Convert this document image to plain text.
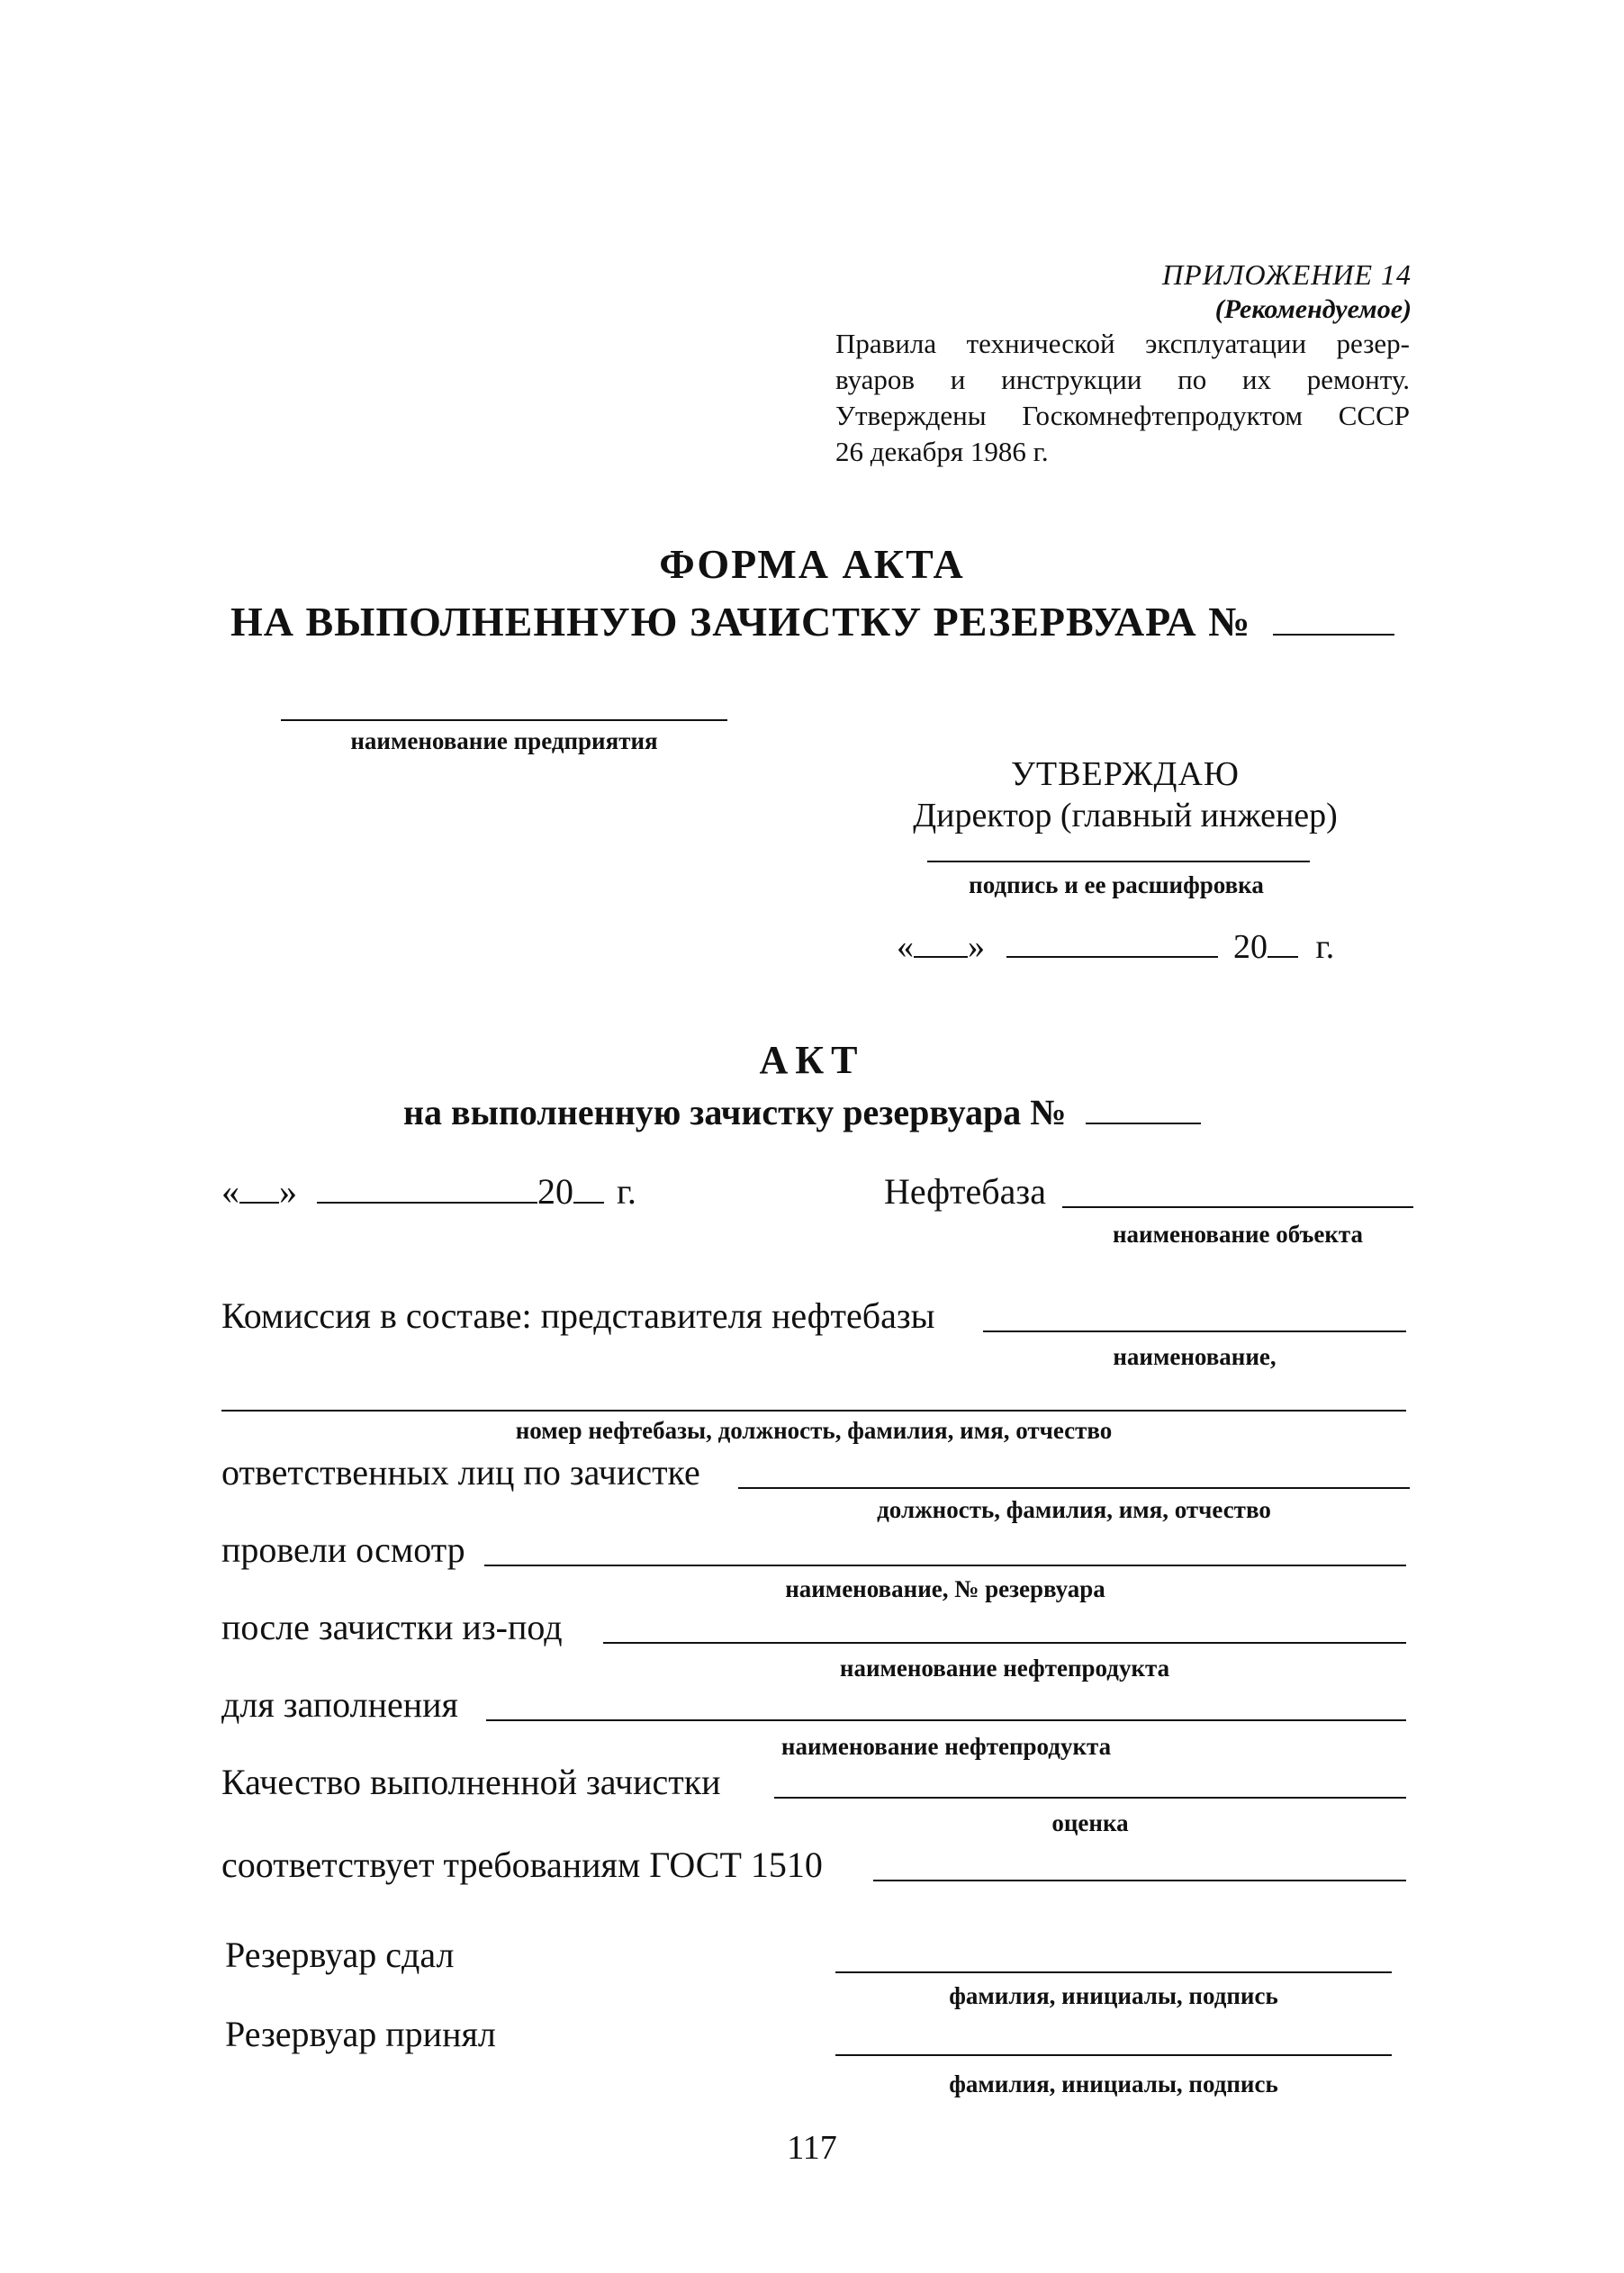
ПРИЛОЖЕНИЕ 14
(Рекомендуемое)
Правила технической эксплуатации резер-
вуаров и инструкции по их ремонту.
Утверждены Госкомнефтепродуктом СССР
26 декабря 1986 г.
ФОРМА АКТА
НА ВЫПОЛНЕННУЮ ЗАЧИСТКУ РЕЗЕРВУАРА №
наименование предприятия
УТВЕРЖДАЮ
Директор (главный инженер)
подпись и ее расшифровка
« »	20 г.
АКТ
на выполненную зачистку резервуара №
« »	20 г.	Нефтебаза
наименование объекта
Комиссия в составе: представителя нефтебазы
наименование,
номер нефтебазы, должность, фамилия, имя, отчество
ответственных лиц по зачистке
должность, фамилия, имя, отчество
провели осмотр
наименование, № резервуара
после зачистки из-под
наименование нефтепродукта
для заполнения
наименование нефтепродукта
Качество выполненной зачистки
оценка
соответствует требованиям ГОСТ 1510
Резервуар сдал
фамилия, инициалы, подпись
Резервуар принял
фамилия, инициалы, подпись
117
